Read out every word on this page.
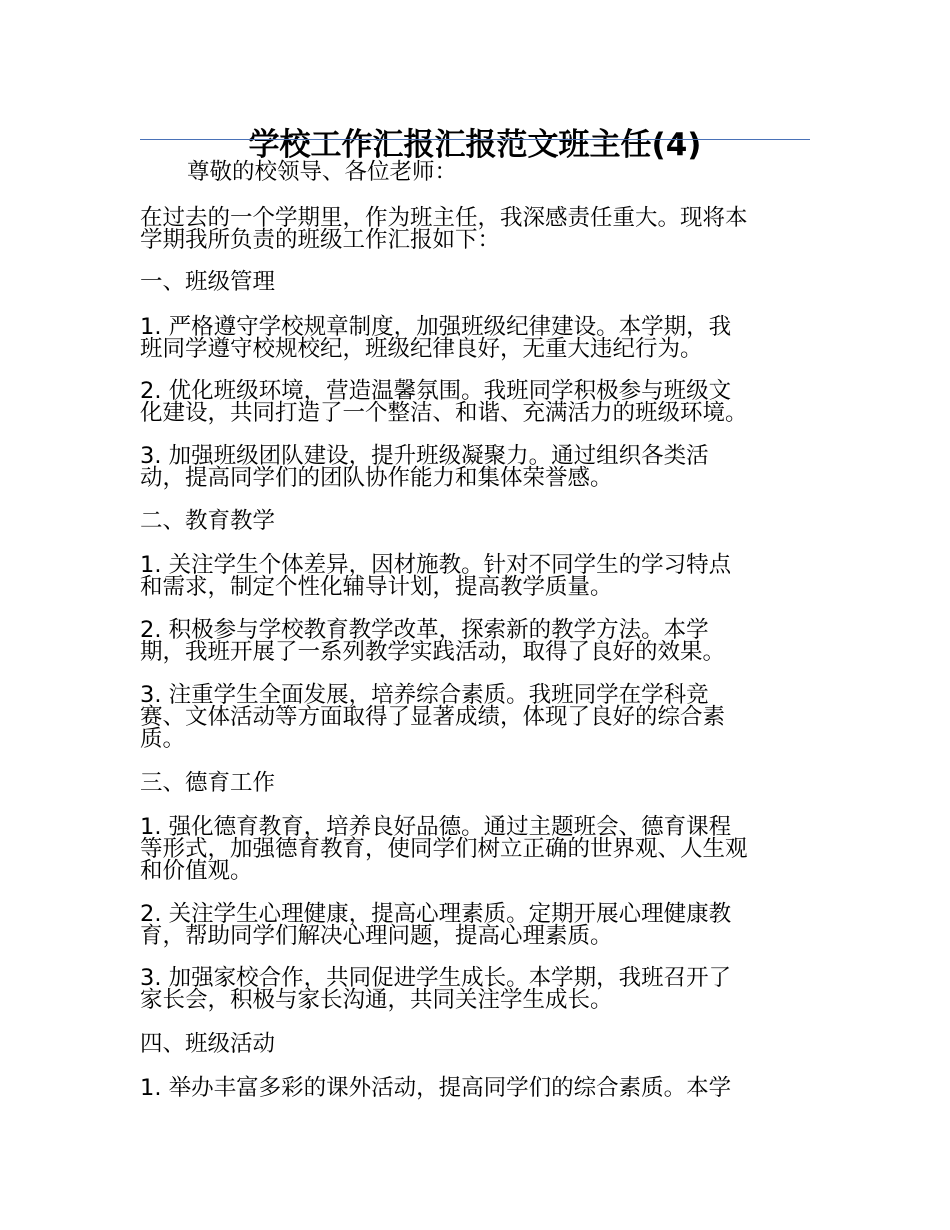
学校工作汇报汇报范文班主任(4)

尊敬的校领导、各位老师：

在过去的一个学期里，作为班主任，我深感责任重大。现将本
学期我所负责的班级工作汇报如下：

一、班级管理

1. 严格遵守学校规章制度，加强班级纪律建设。本学期，我
班同学遵守校规校纪，班级纪律良好，无重大违纪行为。

2. 优化班级环境，营造温馨氛围。我班同学积极参与班级文
化建设，共同打造了一个整洁、和谐、充满活力的班级环境。

3. 加强班级团队建设，提升班级凝聚力。通过组织各类活
动，提高同学们的团队协作能力和集体荣誉感。

二、教育教学

1. 关注学生个体差异，因材施教。针对不同学生的学习特点
和需求，制定个性化辅导计划，提高教学质量。

2. 积极参与学校教育教学改革，探索新的教学方法。本学
期，我班开展了一系列教学实践活动，取得了良好的效果。

3. 注重学生全面发展，培养综合素质。我班同学在学科竞
赛、文体活动等方面取得了显著成绩，体现了良好的综合素
质。

三、德育工作

1. 强化德育教育，培养良好品德。通过主题班会、德育课程
等形式，加强德育教育，使同学们树立正确的世界观、人生观
和价值观。

2. 关注学生心理健康，提高心理素质。定期开展心理健康教
育，帮助同学们解决心理问题，提高心理素质。

3. 加强家校合作，共同促进学生成长。本学期，我班召开了
家长会，积极与家长沟通，共同关注学生成长。

四、班级活动

1. 举办丰富多彩的课外活动，提高同学们的综合素质。本学
